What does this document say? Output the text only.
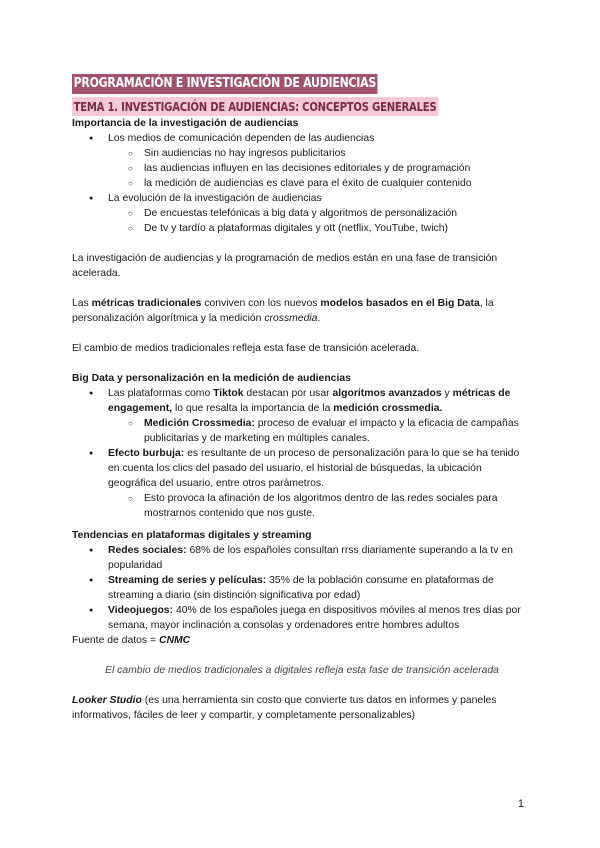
PROGRAMACIÓN E INVESTIGACIÓN DE AUDIENCIAS
TEMA 1. INVESTIGACIÓN DE AUDIENCIAS: CONCEPTOS GENERALES

Importancia de la investigación de audiencias

● Los medios de comunicación dependen de las audiencias
○ Sin audiencias no hay ingresos publicitarios
○ las audiencias influyen en las decisiones editoriales y de programación
○ la medición de audiencias es clave para el éxito de cualquier contenido
● La evolución de la investigación de audiencias
○ De encuestas telefónicas a big data y algoritmos de personalización
○ De tv y tardío a plataformas digitales y ott (netflix, YouTube, twich)

La investigación de audiencias y la programación de medios están en una fase de transición acelerada.

Las métricas tradicionales conviven con los nuevos modelos basados en el Big Data, la personalización algorítmica y la medición crossmedia.

El cambio de medios tradicionales refleja esta fase de transición acelerada.

Big Data y personalización en la medición de audiencias

● Las plataformas como Tiktok destacan por usar algoritmos avanzados y métricas de engagement, lo que resalta la importancia de la medición crossmedia.
○ Medición Crossmedia: proceso de evaluar el impacto y la eficacia de campañas publicitarias y de marketing en múltiples canales.
● Efecto burbuja: es resultante de un proceso de personalización para lo que se ha tenido en cuenta los clics del pasado del usuario, el historial de búsquedas, la ubicación geográfica del usuario, entre otros parámetros.
○ Esto provoca la afinación de los algoritmos dentro de las redes sociales para mostrarnos contenido que nos guste.

Tendencias en plataformas digitales y streaming

● Redes sociales: 68% de los españoles consultan rrss diariamente superando a la tv en popularidad
● Streaming de series y películas: 35% de la población consume en plataformas de streaming a diario (sin distinción significativa por edad)
● Videojuegos: 40% de los españoles juega en dispositivos móviles al menos tres días por semana, mayor inclinación a consolas y ordenadores entre hombres adultos

Fuente de datos = CNMC

El cambio de medios tradicionales a digitales refleja esta fase de transición acelerada

Looker Studio (es una herramienta sin costo que convierte tus datos en informes y paneles informativos, fáciles de leer y compartir, y completamente personalizables)

1
